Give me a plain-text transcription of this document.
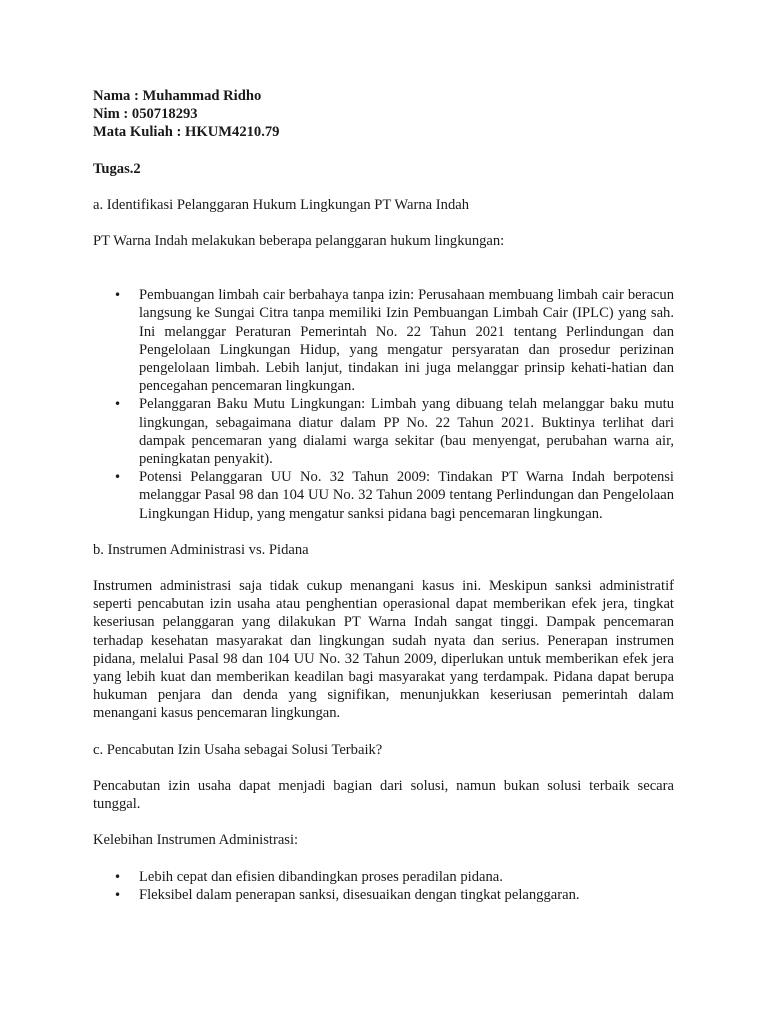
Nama : Muhammad Ridho

Nim : 050718293

Mata Kuliah : HKUM4210.79

Tugas.2

a. Identifikasi Pelanggaran Hukum Lingkungan PT Warna Indah

PT Warna Indah melakukan beberapa pelanggaran hukum lingkungan:

• Pembuangan limbah cair berbahaya tanpa izin: Perusahaan membuang limbah cair beracun langsung ke Sungai Citra tanpa memiliki Izin Pembuangan Limbah Cair (IPLC) yang sah. Ini melanggar Peraturan Pemerintah No. 22 Tahun 2021 tentang Perlindungan dan Pengelolaan Lingkungan Hidup, yang mengatur persyaratan dan prosedur perizinan pengelolaan limbah. Lebih lanjut, tindakan ini juga melanggar prinsip kehati-hatian dan pencegahan pencemaran lingkungan.
• Pelanggaran Baku Mutu Lingkungan: Limbah yang dibuang telah melanggar baku mutu lingkungan, sebagaimana diatur dalam PP No. 22 Tahun 2021. Buktinya terlihat dari dampak pencemaran yang dialami warga sekitar (bau menyengat, perubahan warna air, peningkatan penyakit).
• Potensi Pelanggaran UU No. 32 Tahun 2009: Tindakan PT Warna Indah berpotensi melanggar Pasal 98 dan 104 UU No. 32 Tahun 2009 tentang Perlindungan dan Pengelolaan Lingkungan Hidup, yang mengatur sanksi pidana bagi pencemaran lingkungan.

b. Instrumen Administrasi vs. Pidana

Instrumen administrasi saja tidak cukup menangani kasus ini. Meskipun sanksi administratif seperti pencabutan izin usaha atau penghentian operasional dapat memberikan efek jera, tingkat keseriusan pelanggaran yang dilakukan PT Warna Indah sangat tinggi. Dampak pencemaran terhadap kesehatan masyarakat dan lingkungan sudah nyata dan serius. Penerapan instrumen pidana, melalui Pasal 98 dan 104 UU No. 32 Tahun 2009, diperlukan untuk memberikan efek jera yang lebih kuat dan memberikan keadilan bagi masyarakat yang terdampak. Pidana dapat berupa hukuman penjara dan denda yang signifikan, menunjukkan keseriusan pemerintah dalam menangani kasus pencemaran lingkungan.

c. Pencabutan Izin Usaha sebagai Solusi Terbaik?

Pencabutan izin usaha dapat menjadi bagian dari solusi, namun bukan solusi terbaik secara tunggal.

Kelebihan Instrumen Administrasi:

• Lebih cepat dan efisien dibandingkan proses peradilan pidana.
• Fleksibel dalam penerapan sanksi, disesuaikan dengan tingkat pelanggaran.
